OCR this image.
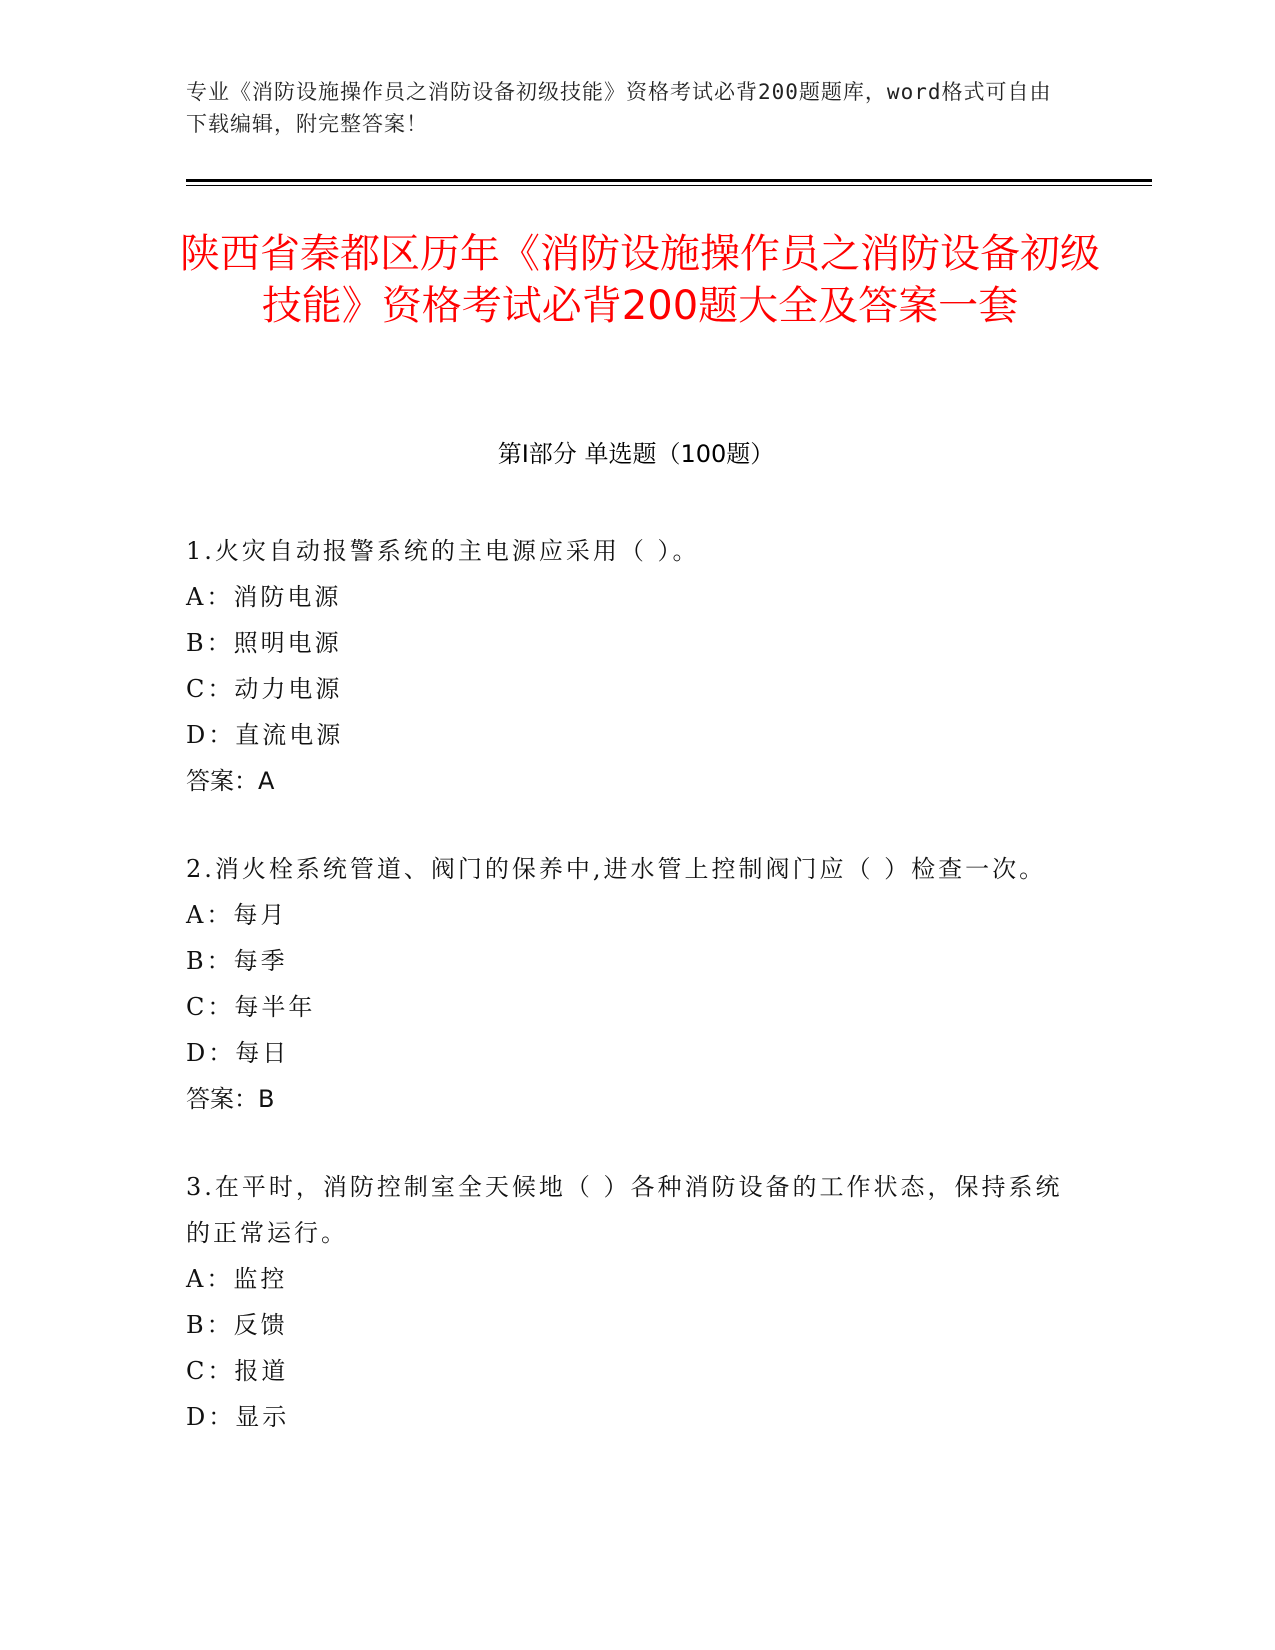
专业《消防设施操作员之消防设备初级技能》资格考试必背200题题库，word格式可自由下载编辑，附完整答案！
陕西省秦都区历年《消防设施操作员之消防设备初级技能》资格考试必背200题大全及答案一套
第Ⅰ部分 单选题（100题）

1.火灾自动报警系统的主电源应采用（ ）。

A：消防电源

B：照明电源

C：动力电源

D：直流电源

答案：A

2.消火栓系统管道、阀门的保养中,进水管上控制阀门应（ ）检查一次。

A：每月

B：每季

C：每半年

D：每日

答案：B

3.在平时，消防控制室全天候地（ ）各种消防设备的工作状态，保持系统的正常运行。

A：监控

B：反馈

C：报道

D：显示
